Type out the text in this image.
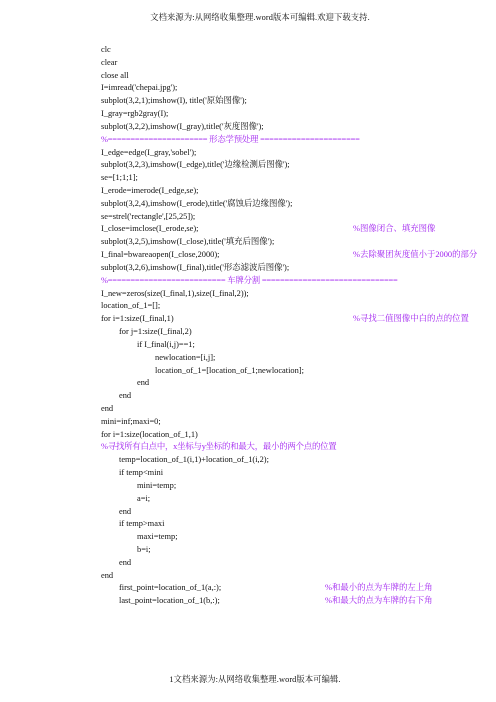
文档来源为:从网络收集整理.word版本可编辑.欢迎下载支持.
clc
clear
close all
I=imread('chepai.jpg');
subplot(3,2,1);imshow(I), title('原始图像');
I_gray=rgb2gray(I);
subplot(3,2,2),imshow(I_gray),title('灰度图像');
%====================== 形态学预处理 ======================
I_edge=edge(I_gray,'sobel');
subplot(3,2,3),imshow(I_edge),title('边缘检测后图像');
se=[1;1;1];
I_erode=imerode(I_edge,se);
subplot(3,2,4),imshow(I_erode),title('腐蚀后边缘图像');
se=strel('rectangle',[25,25]);
I_close=imclose(I_erode,se);	%图像闭合、填充图像
subplot(3,2,5),imshow(I_close),title('填充后图像');
I_final=bwareaopen(I_close,2000);	%去除聚团灰度值小于2000的部分
subplot(3,2,6),imshow(I_final),title('形态滤波后图像');
%========================== 车牌分割 ==============================
I_new=zeros(size(I_final,1),size(I_final,2));
location_of_1=[];
for i=1:size(I_final,1)	%寻找二值图像中白的点的位置
for j=1:size(I_final,2)
if I_final(i,j)==1;
newlocation=[i,j];
location_of_1=[location_of_1;newlocation];
end
end
end
mini=inf;maxi=0;
for i=1:size(location_of_1,1)
%寻找所有白点中，x坐标与y坐标的和最大，最小的两个点的位置
temp=location_of_1(i,1)+location_of_1(i,2);
if temp<mini
mini=temp;
a=i;
end
if temp>maxi
maxi=temp;
b=i;
end
end
first_point=location_of_1(a,:);	%和最小的点为车牌的左上角
last_point=location_of_1(b,:);	%和最大的点为车牌的右下角
1文档来源为:从网络收集整理.word版本可编辑.
